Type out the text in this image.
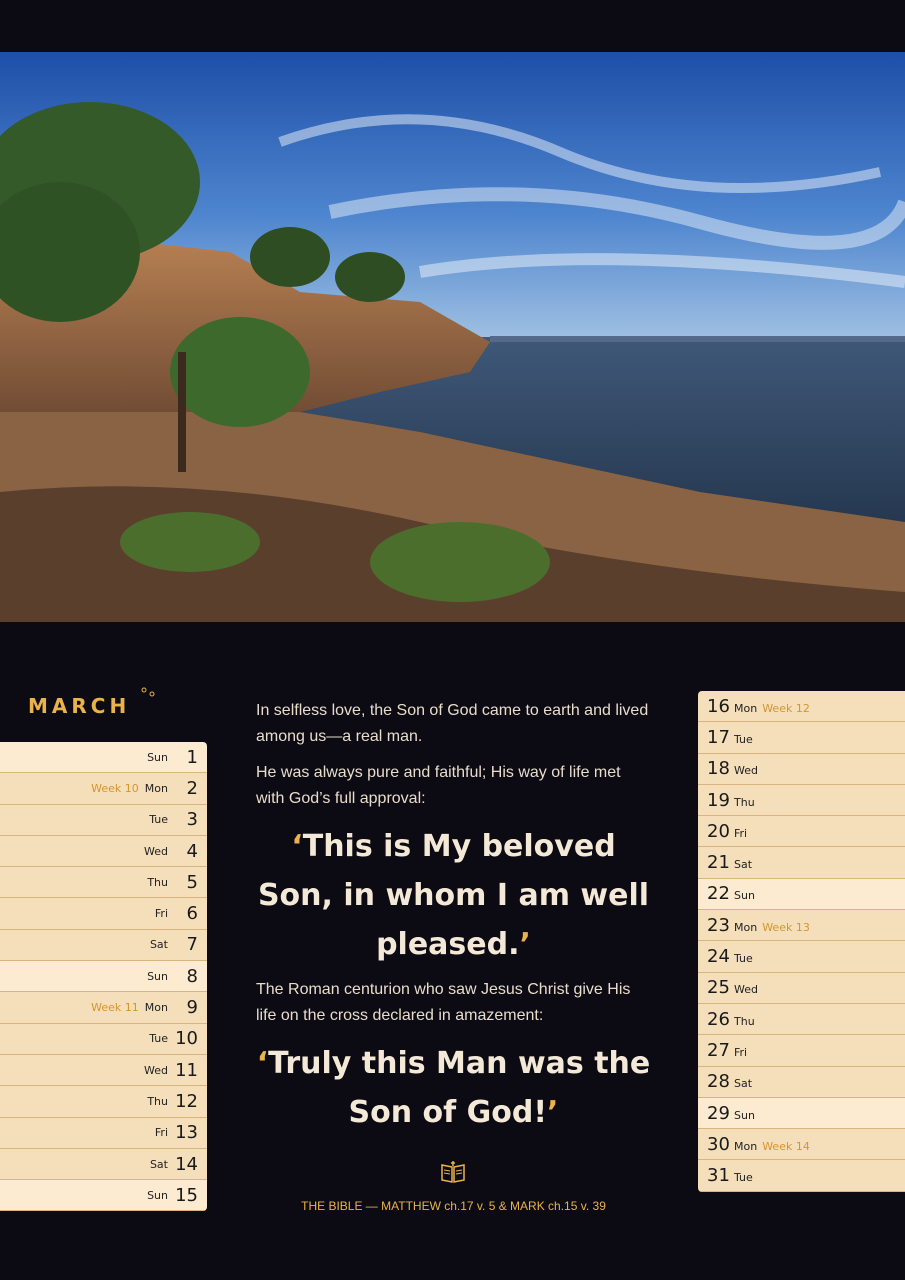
MARCH
Sun	1
Week 10 Mon	2
Tue	3
Wed	4
Thu	5
Fri	6
Sat	7
Sun	8
Week 11 Mon	9
Tue 10
Wed 11
Thu 12
Fri 13
Sat 14
Sun 15

In selfless love, the Son of God came to earth and lived among us—a real man.

He was always pure and faithful; His way of life met with God’s full approval:

‘This is My beloved Son, in whom I am well pleased.’

The Roman centurion who saw Jesus Christ give His life on the cross declared in amazement:

‘Truly this Man was the Son of God!’
THE BIBLE — MATTHEW ch.17 v. 5 & MARK ch.15 v. 39
16 Mon Week 12
17 Tue
18 Wed
19 Thu
20 Fri
21 Sat
22 Sun
23 Mon Week 13
24 Tue
25 Wed
26 Thu
27 Fri
28 Sat
29 Sun
30 Mon Week 14
31 Tue
